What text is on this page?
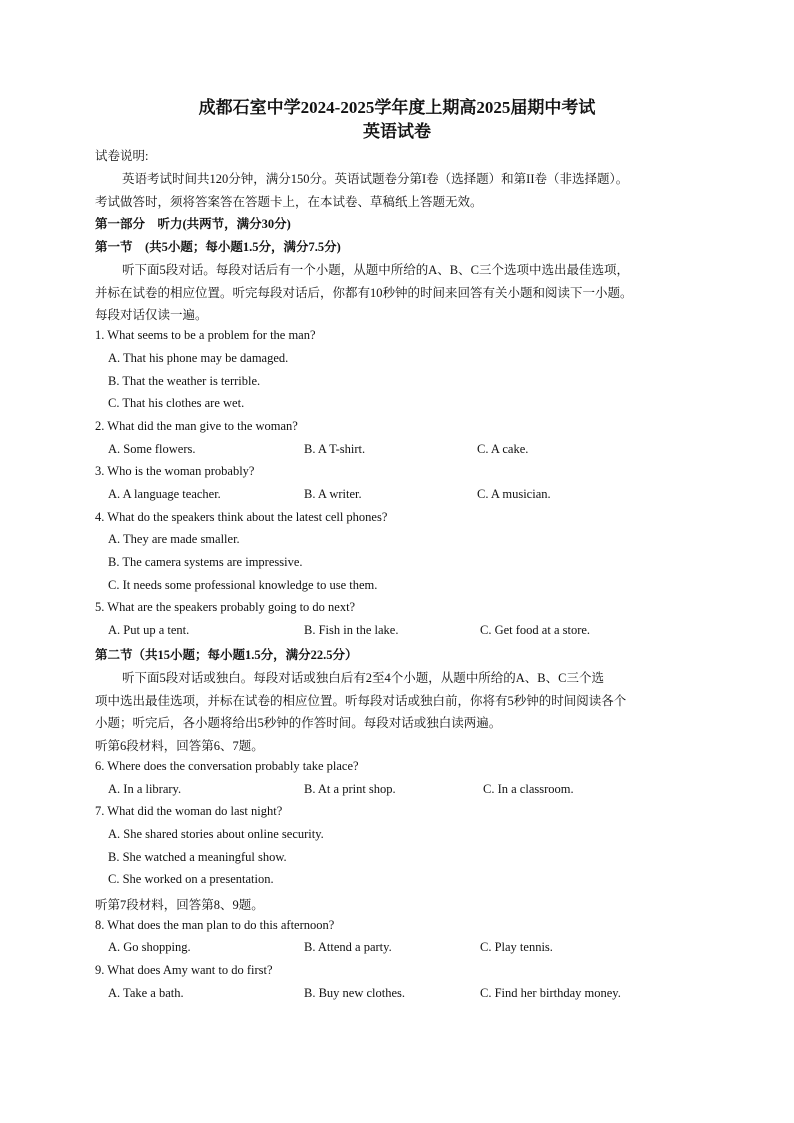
成都石室中学2024-2025学年度上期高2025届期中考试
英语试卷
试卷说明:
英语考试时间共120分钟，满分150分。英语试题卷分第I卷（选择题）和第II卷（非选择题）。
考试做答时，须将答案答在答题卡上，在本试卷、草稿纸上答题无效。
第一部分　听力(共两节，满分30分)
第一节　(共5小题；每小题1.5分，满分7.5分)
听下面5段对话。每段对话后有一个小题，从题中所给的A、B、C三个选项中选出最佳选项，
并标在试卷的相应位置。听完每段对话后，你都有10秒钟的时间来回答有关小题和阅读下一小题。
每段对话仅读一遍。
1. What seems to be a problem for the man?
A. That his phone may be damaged.
B. That the weather is terrible.
C. That his clothes are wet.
2. What did the man give to the woman?
A. Some flowers.	B. A T-shirt.	C. A cake.
3. Who is the woman probably?
A. A language teacher.	B. A writer.	C. A musician.
4. What do the speakers think about the latest cell phones?
A. They are made smaller.
B. The camera systems are impressive.
C. It needs some professional knowledge to use them.
5. What are the speakers probably going to do next?
A. Put up a tent.	B. Fish in the lake.	C. Get food at a store.
第二节（共15小题；每小题1.5分，满分22.5分）
听下面5段对话或独白。每段对话或独白后有2至4个小题，从题中所给的A、B、C三个选
项中选出最佳选项，并标在试卷的相应位置。听每段对话或独白前，你将有5秒钟的时间阅读各个
小题；听完后，各小题将给出5秒钟的作答时间。每段对话或独白读两遍。
听第6段材料，回答第6、7题。
6. Where does the conversation probably take place?
A. In a library.	B. At a print shop.	C. In a classroom.
7. What did the woman do last night?
A. She shared stories about online security.
B. She watched a meaningful show.
C. She worked on a presentation.
听第7段材料，回答第8、9题。
8. What does the man plan to do this afternoon?
A. Go shopping.	B. Attend a party.	C. Play tennis.
9. What does Amy want to do first?
A. Take a bath.	B. Buy new clothes.	C. Find her birthday money.
